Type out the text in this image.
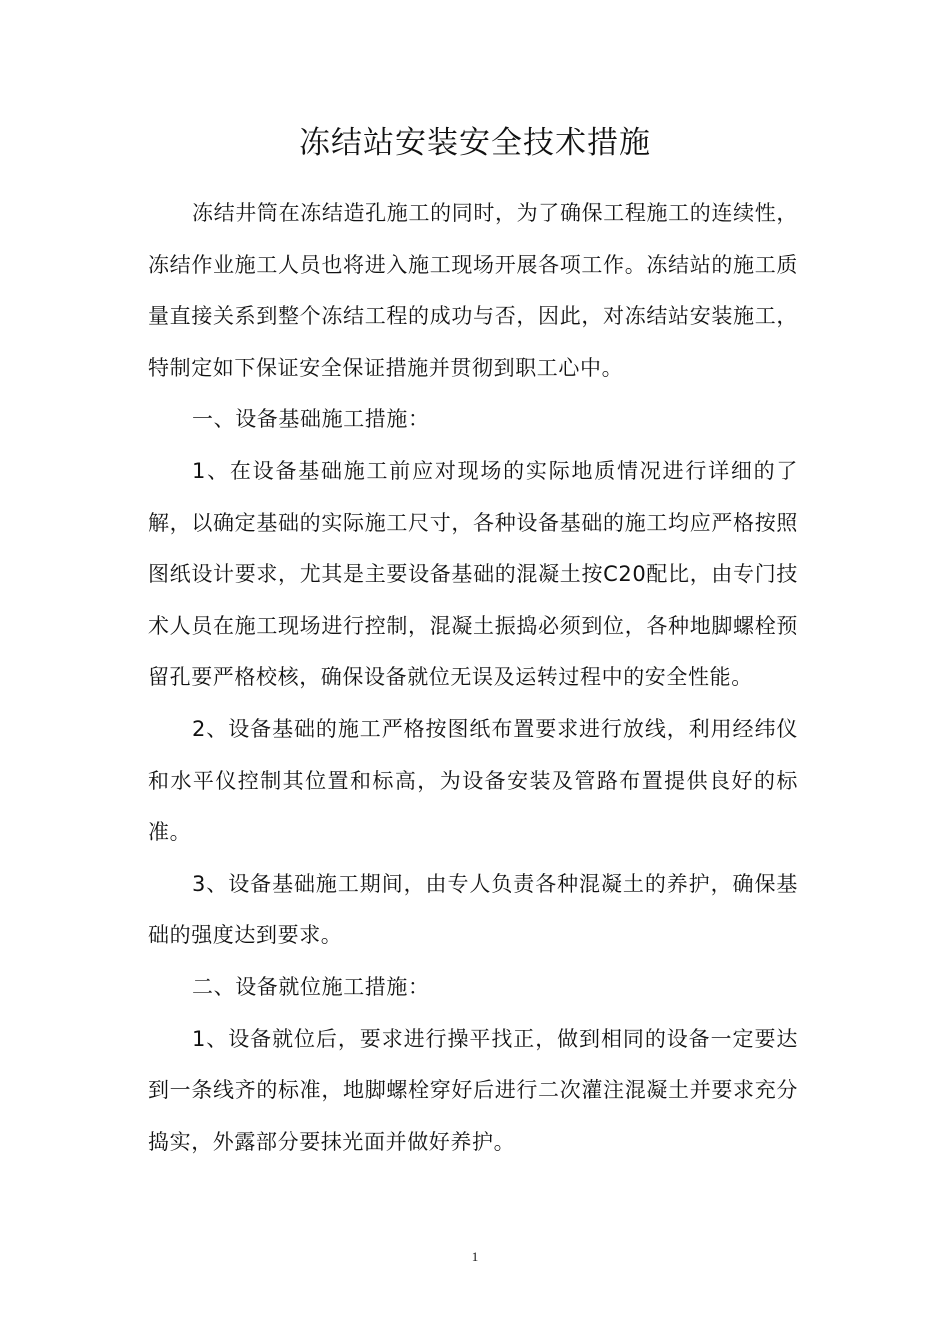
冻结站安装安全技术措施

冻结井筒在冻结造孔施工的同时，为了确保工程施工的连续性，冻结作业施工人员也将进入施工现场开展各项工作。冻结站的施工质量直接关系到整个冻结工程的成功与否，因此，对冻结站安装施工，特制定如下保证安全保证措施并贯彻到职工心中。

一、设备基础施工措施：

1、在设备基础施工前应对现场的实际地质情况进行详细的了解，以确定基础的实际施工尺寸，各种设备基础的施工均应严格按照图纸设计要求，尤其是主要设备基础的混凝土按C20配比，由专门技术人员在施工现场进行控制，混凝土振捣必须到位，各种地脚螺栓预留孔要严格校核，确保设备就位无误及运转过程中的安全性能。

2、设备基础的施工严格按图纸布置要求进行放线，利用经纬仪和水平仪控制其位置和标高，为设备安装及管路布置提供良好的标准。

3、设备基础施工期间，由专人负责各种混凝土的养护，确保基础的强度达到要求。

二、设备就位施工措施：

1、设备就位后，要求进行操平找正，做到相同的设备一定要达到一条线齐的标准，地脚螺栓穿好后进行二次灌注混凝土并要求充分捣实，外露部分要抹光面并做好养护。

1
